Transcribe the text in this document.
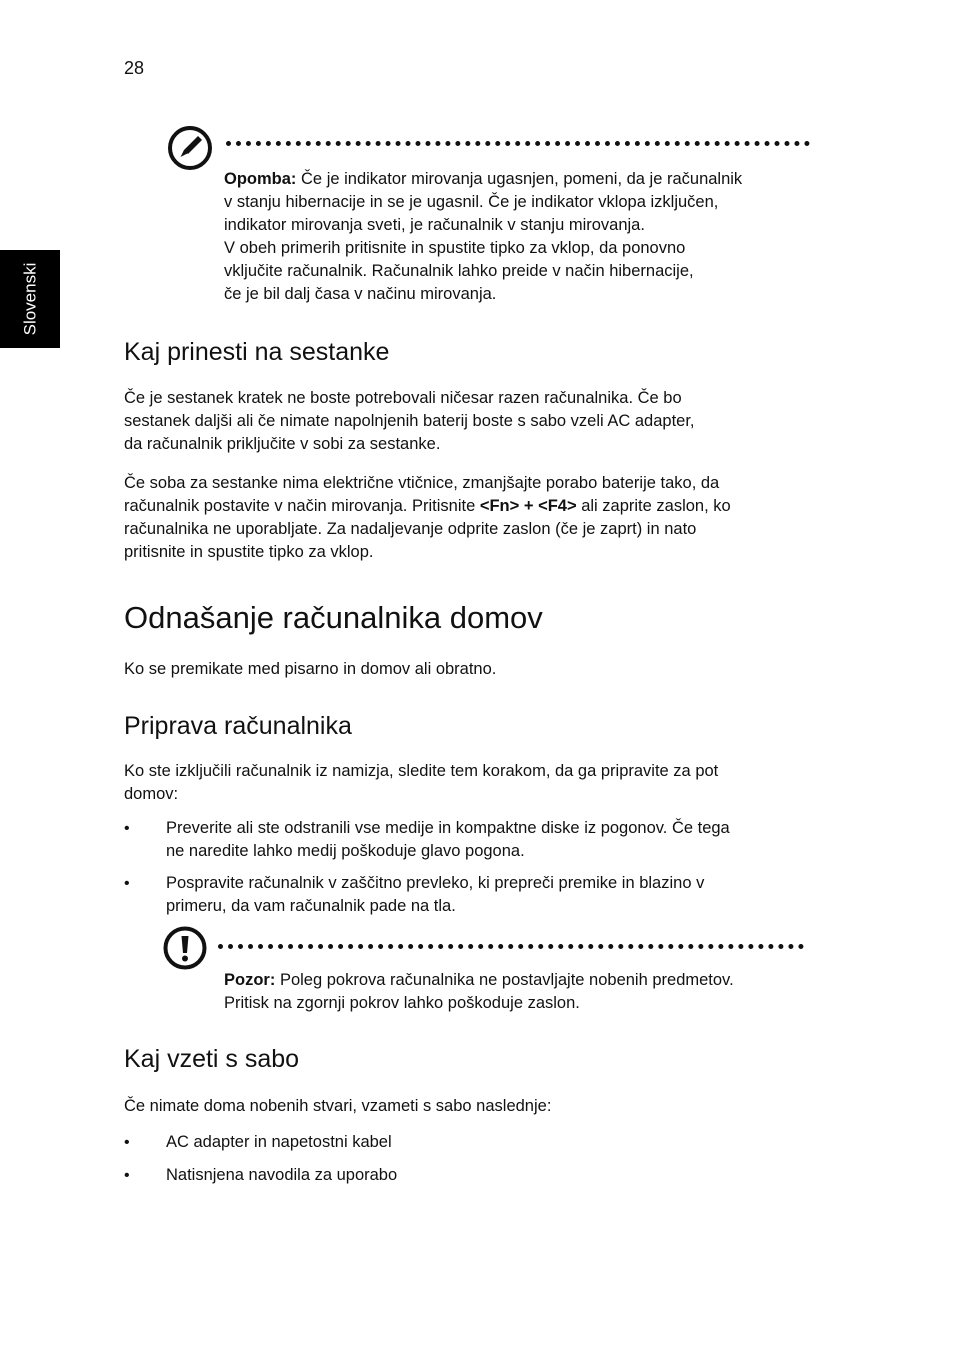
28
Slovenski

Opomba: Če je indikator mirovanja ugasnjen, pomeni, da je računalnik

v stanju hibernacije in se je ugasnil. Če je indikator vklopa izključen,

indikator mirovanja sveti, je računalnik v stanju mirovanja.

V obeh primerih pritisnite in spustite tipko za vklop, da ponovno

vključite računalnik. Računalnik lahko preide v način hibernacije,

če je bil dalj časa v načinu mirovanja.

Kaj prinesti na sestanke

Če je sestanek kratek ne boste potrebovali ničesar razen računalnika. Če bo

sestanek daljši ali če nimate napolnjenih baterij boste s sabo vzeli AC adapter,

da računalnik priključite v sobi za sestanke.

Če soba za sestanke nima električne vtičnice, zmanjšajte porabo baterije tako, da

računalnik postavite v način mirovanja. Pritisnite <Fn> + <F4> ali zaprite zaslon, ko

računalnika ne uporabljate. Za nadaljevanje odprite zaslon (če je zaprt) in nato

pritisnite in spustite tipko za vklop.

Odnašanje računalnika domov

Ko se premikate med pisarno in domov ali obratno.

Priprava računalnika

Ko ste izključili računalnik iz namizja, sledite tem korakom, da ga pripravite za pot

domov:

• Preverite ali ste odstranili vse medije in kompaktne diske iz pogonov. Če tega

ne naredite lahko medij poškoduje glavo pogona.

• Pospravite računalnik v zaščitno prevleko, ki prepreči premike in blazino v

primeru, da vam računalnik pade na tla.

Pozor: Poleg pokrova računalnika ne postavljajte nobenih predmetov.

Pritisk na zgornji pokrov lahko poškoduje zaslon.

Kaj vzeti s sabo

Če nimate doma nobenih stvari, vzameti s sabo naslednje:

• AC adapter in napetostni kabel

• Natisnjena navodila za uporabo
